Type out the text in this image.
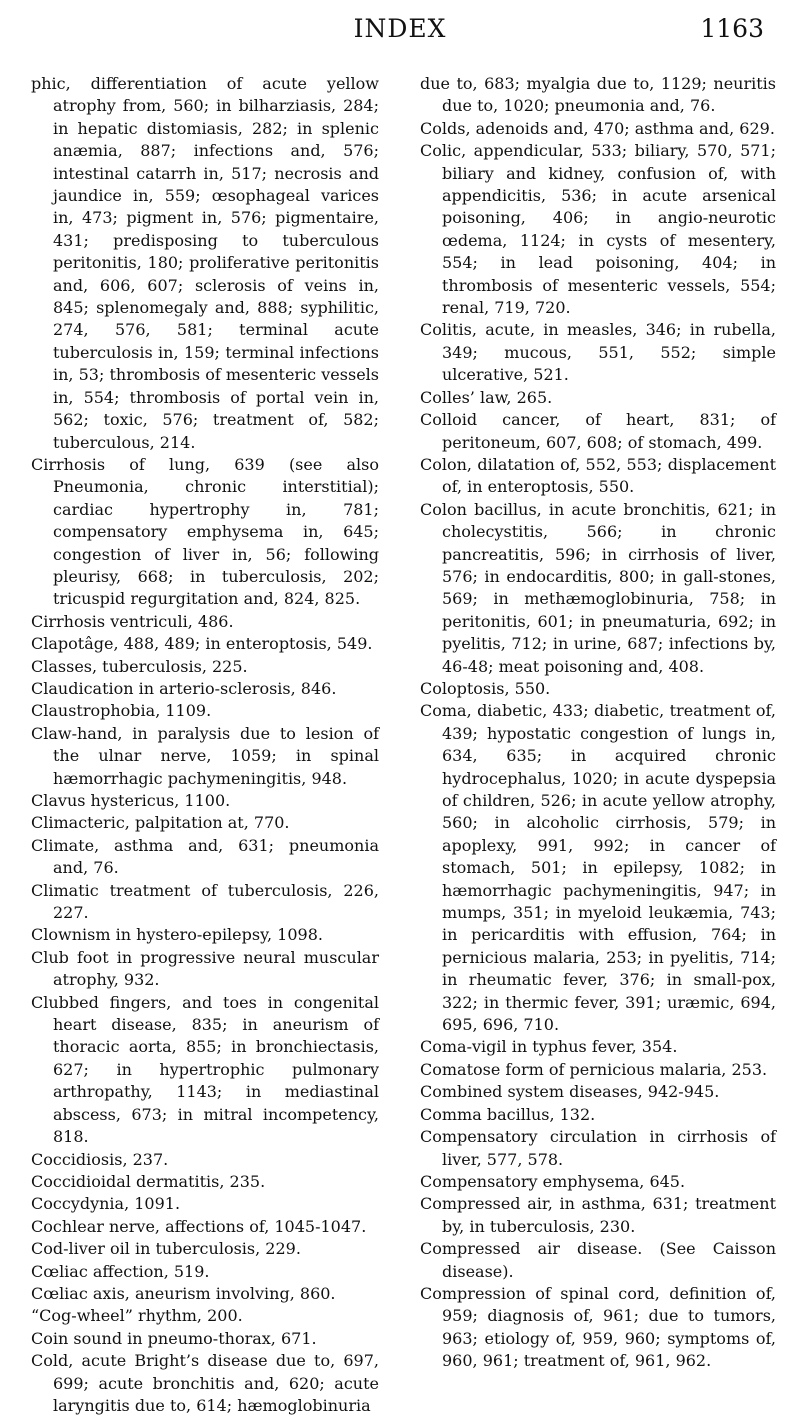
INDEX	1163

phic, differentiation of acute yellow atrophy from, 560; in bilharziasis, 284; in hepatic distomiasis, 282; in splenic anæmia, 887; infections and, 576; intestinal catarrh in, 517; necrosis and jaundice in, 559; œsophageal varices in, 473; pigment in, 576; pigmentaire, 431; predisposing to tuberculous peritonitis, 180; proliferative peritonitis and, 606, 607; sclerosis of veins in, 845; splenomegaly and, 888; syphilitic, 274, 576, 581; terminal acute tuberculosis in, 159; terminal infections in, 53; thrombosis of mesenteric vessels in, 554; thrombosis of portal vein in, 562; toxic, 576; treatment of, 582; tuberculous, 214.

Cirrhosis of lung, 639 (see also Pneumonia, chronic interstitial); cardiac hypertrophy in, 781; compensatory emphysema in, 645; congestion of liver in, 56; following pleurisy, 668; in tuberculosis, 202; tricuspid regurgitation and, 824, 825.

Cirrhosis ventriculi, 486.

Clapotâge, 488, 489; in enteroptosis, 549.

Classes, tuberculosis, 225.

Claudication in arterio-sclerosis, 846.

Claustrophobia, 1109.

Claw-hand, in paralysis due to lesion of the ulnar nerve, 1059; in spinal hæmorrhagic pachymeningitis, 948.

Clavus hystericus, 1100.

Climacteric, palpitation at, 770.

Climate, asthma and, 631; pneumonia and, 76.

Climatic treatment of tuberculosis, 226, 227.

Clownism in hystero-epilepsy, 1098.

Club foot in progressive neural muscular atrophy, 932.

Clubbed fingers, and toes in congenital heart disease, 835; in aneurism of thoracic aorta, 855; in bronchiectasis, 627; in hypertrophic pulmonary arthropathy, 1143; in mediastinal abscess, 673; in mitral incompetency, 818.

Coccidiosis, 237.

Coccidioidal dermatitis, 235.

Coccydynia, 1091.

Cochlear nerve, affections of, 1045-1047.

Cod-liver oil in tuberculosis, 229.

Cœliac affection, 519.

Cœliac axis, aneurism involving, 860.

“Cog-wheel” rhythm, 200.

Coin sound in pneumo-thorax, 671.

Cold, acute Bright’s disease due to, 697, 699; acute bronchitis and, 620; acute laryngitis due to, 614; hæmoglobinuria

due to, 683; myalgia due to, 1129; neuritis due to, 1020; pneumonia and, 76.

Colds, adenoids and, 470; asthma and, 629.

Colic, appendicular, 533; biliary, 570, 571; biliary and kidney, confusion of, with appendicitis, 536; in acute arsenical poisoning, 406; in angio-neurotic œdema, 1124; in cysts of mesentery, 554; in lead poisoning, 404; in thrombosis of mesenteric vessels, 554; renal, 719, 720.

Colitis, acute, in measles, 346; in rubella, 349; mucous, 551, 552; simple ulcerative, 521.

Colles’ law, 265.

Colloid cancer, of heart, 831; of peritoneum, 607, 608; of stomach, 499.

Colon, dilatation of, 552, 553; displacement of, in enteroptosis, 550.

Colon bacillus, in acute bronchitis, 621; in cholecystitis, 566; in chronic pancreatitis, 596; in cirrhosis of liver, 576; in endocarditis, 800; in gall-stones, 569; in methæmoglobinuria, 758; in peritonitis, 601; in pneumaturia, 692; in pyelitis, 712; in urine, 687; infections by, 46-48; meat poisoning and, 408.

Coloptosis, 550.

Coma, diabetic, 433; diabetic, treatment of, 439; hypostatic congestion of lungs in, 634, 635; in acquired chronic hydrocephalus, 1020; in acute dyspepsia of children, 526; in acute yellow atrophy, 560; in alcoholic cirrhosis, 579; in apoplexy, 991, 992; in cancer of stomach, 501; in epilepsy, 1082; in hæmorrhagic pachymeningitis, 947; in mumps, 351; in myeloid leukæmia, 743; in pericarditis with effusion, 764; in pernicious malaria, 253; in pyelitis, 714; in rheumatic fever, 376; in small-pox, 322; in thermic fever, 391; uræmic, 694, 695, 696, 710.

Coma-vigil in typhus fever, 354.

Comatose form of pernicious malaria, 253.

Combined system diseases, 942-945.

Comma bacillus, 132.

Compensatory circulation in cirrhosis of liver, 577, 578.

Compensatory emphysema, 645.

Compressed air, in asthma, 631; treatment by, in tuberculosis, 230.

Compressed air disease. (See Caisson disease).

Compression of spinal cord, definition of, 959; diagnosis of, 961; due to tumors, 963; etiology of, 959, 960; symptoms of, 960, 961; treatment of, 961, 962.
